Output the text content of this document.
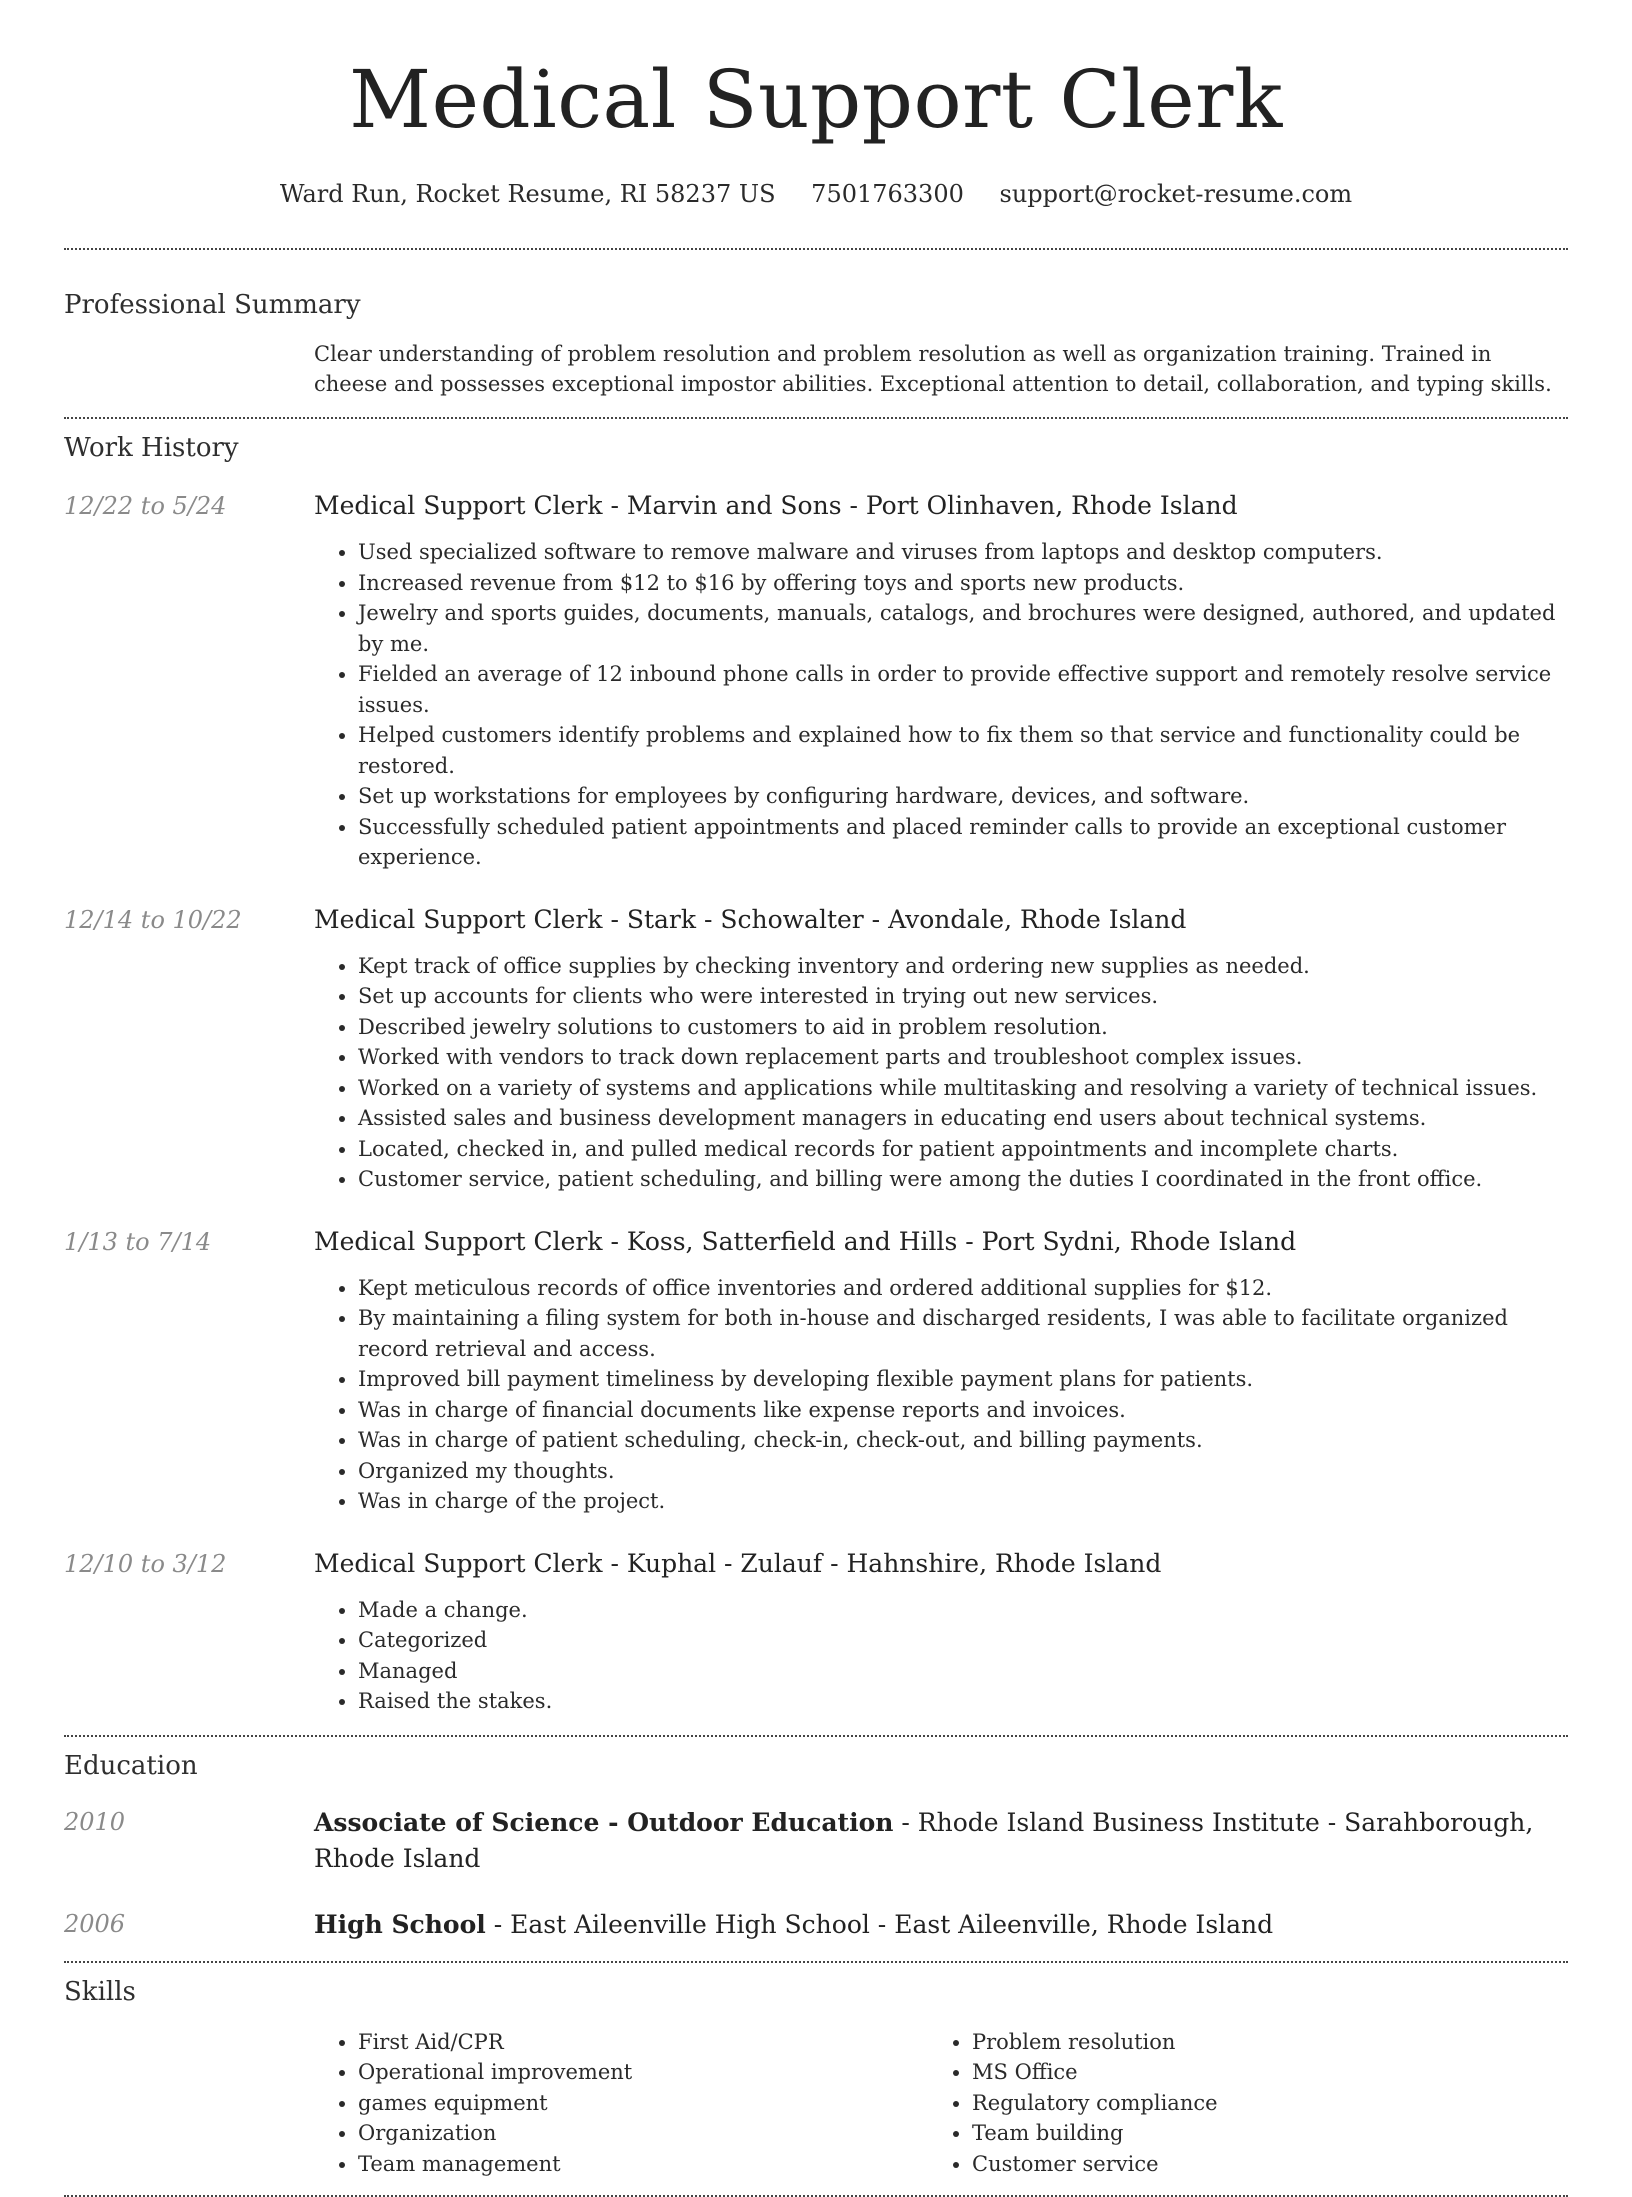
Medical Support Clerk
Ward Run, Rocket Resume, RI 58237 US 7501763300 support@rocket-resume.com
Professional Summary
Clear understanding of problem resolution and problem resolution as well as organization training. Trained in cheese and possesses exceptional impostor abilities. Exceptional attention to detail, collaboration, and typing skills.
Work History
12/22 to 5/24	Medical Support Clerk - Marvin and Sons - Port Olinhaven, Rhode Island
• Used specialized software to remove malware and viruses from laptops and desktop computers.
• Increased revenue from $12 to $16 by offering toys and sports new products.
• Jewelry and sports guides, documents, manuals, catalogs, and brochures were designed, authored, and updated by me.
• Fielded an average of 12 inbound phone calls in order to provide effective support and remotely resolve service issues.
• Helped customers identify problems and explained how to fix them so that service and functionality could be restored.
• Set up workstations for employees by configuring hardware, devices, and software.
• Successfully scheduled patient appointments and placed reminder calls to provide an exceptional customer experience.
12/14 to 10/22	Medical Support Clerk - Stark - Schowalter - Avondale, Rhode Island
• Kept track of office supplies by checking inventory and ordering new supplies as needed.
• Set up accounts for clients who were interested in trying out new services.
• Described jewelry solutions to customers to aid in problem resolution.
• Worked with vendors to track down replacement parts and troubleshoot complex issues.
• Worked on a variety of systems and applications while multitasking and resolving a variety of technical issues.
• Assisted sales and business development managers in educating end users about technical systems.
• Located, checked in, and pulled medical records for patient appointments and incomplete charts.
• Customer service, patient scheduling, and billing were among the duties I coordinated in the front office.
1/13 to 7/14	Medical Support Clerk - Koss, Satterfield and Hills - Port Sydni, Rhode Island
• Kept meticulous records of office inventories and ordered additional supplies for $12.
• By maintaining a filing system for both in-house and discharged residents, I was able to facilitate organized record retrieval and access.
• Improved bill payment timeliness by developing flexible payment plans for patients.
• Was in charge of financial documents like expense reports and invoices.
• Was in charge of patient scheduling, check-in, check-out, and billing payments.
• Organized my thoughts.
• Was in charge of the project.
12/10 to 3/12	Medical Support Clerk - Kuphal - Zulauf - Hahnshire, Rhode Island
• Made a change.
• Categorized
• Managed
• Raised the stakes.
Education
2010	Associate of Science - Outdoor Education - Rhode Island Business Institute - Sarahborough, Rhode Island
2006	High School - East Aileenville High School - East Aileenville, Rhode Island
Skills
• First Aid/CPR
• Operational improvement
• games equipment
• Organization
• Team management
• Problem resolution
• MS Office
• Regulatory compliance
• Team building
• Customer service
